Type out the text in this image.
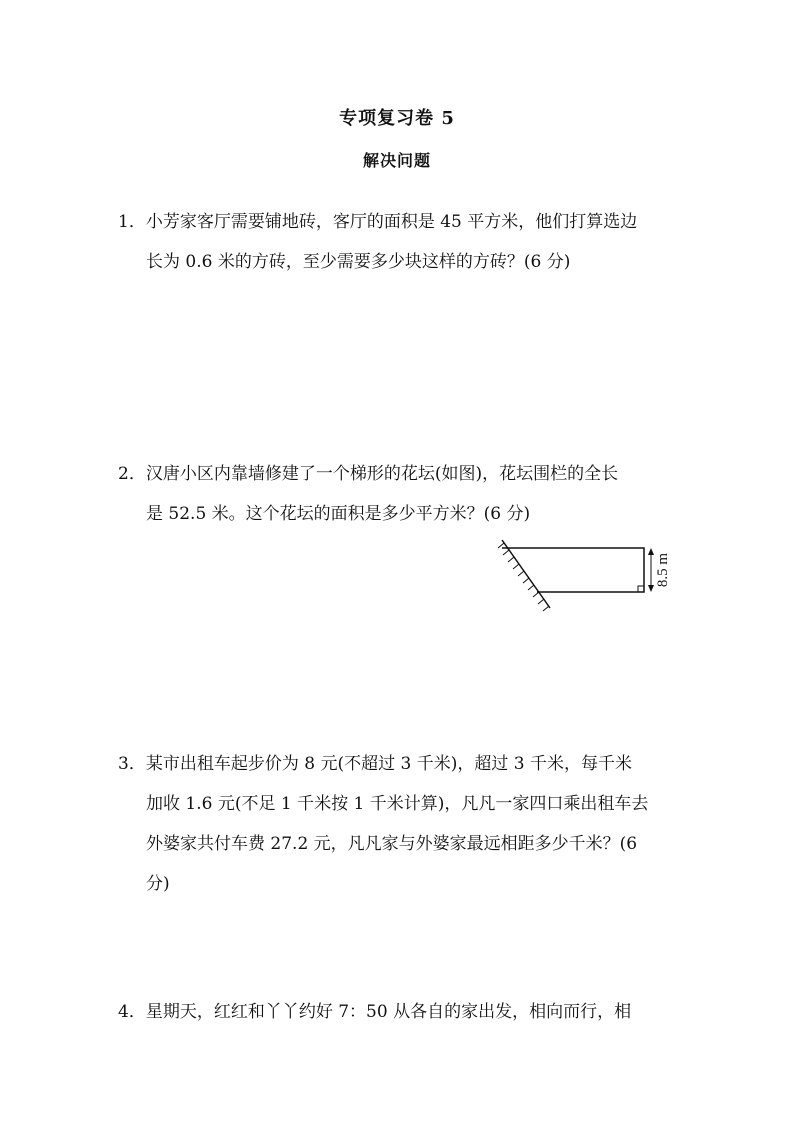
专项复习卷 5
解决问题
1．小芳家客厅需要铺地砖，客厅的面积是 45 平方米，他们打算选边
长为 0.6 米的方砖，至少需要多少块这样的方砖？(6 分)
2．汉唐小区内靠墙修建了一个梯形的花坛(如图)，花坛围栏的全长
是 52.5 米。这个花坛的面积是多少平方米？(6 分)
8.5 m
3．某市出租车起步价为 8 元(不超过 3 千米)，超过 3 千米，每千米
加收 1.6 元(不足 1 千米按 1 千米计算)，凡凡一家四口乘出租车去
外婆家共付车费 27.2 元，凡凡家与外婆家最远相距多少千米？(6
分)
4．星期天，红红和丫丫约好 7：50 从各自的家出发，相向而行，相
